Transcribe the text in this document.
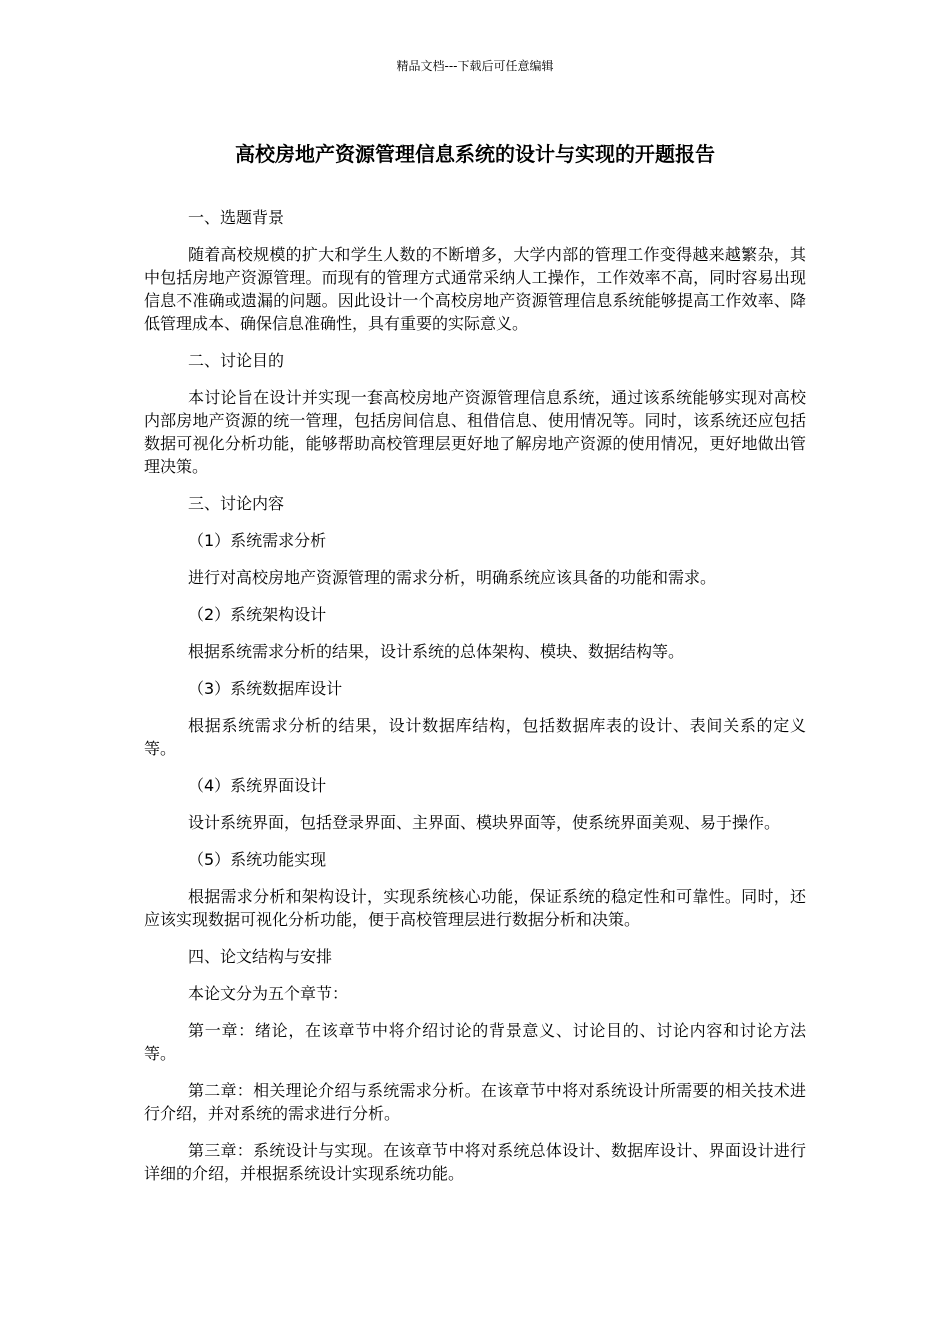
精品文档---下载后可任意编辑
高校房地产资源管理信息系统的设计与实现的开题报告
一、选题背景
随着高校规模的扩大和学生人数的不断增多，大学内部的管理工作变得越来越繁杂，其中包括房地产资源管理。而现有的管理方式通常采纳人工操作，工作效率不高，同时容易出现信息不准确或遗漏的问题。因此设计一个高校房地产资源管理信息系统能够提高工作效率、降低管理成本、确保信息准确性，具有重要的实际意义。
二、讨论目的
本讨论旨在设计并实现一套高校房地产资源管理信息系统，通过该系统能够实现对高校内部房地产资源的统一管理，包括房间信息、租借信息、使用情况等。同时，该系统还应包括数据可视化分析功能，能够帮助高校管理层更好地了解房地产资源的使用情况，更好地做出管理决策。
三、讨论内容
（1）系统需求分析
进行对高校房地产资源管理的需求分析，明确系统应该具备的功能和需求。
（2）系统架构设计
根据系统需求分析的结果，设计系统的总体架构、模块、数据结构等。
（3）系统数据库设计
根据系统需求分析的结果，设计数据库结构，包括数据库表的设计、表间关系的定义等。
（4）系统界面设计
设计系统界面，包括登录界面、主界面、模块界面等，使系统界面美观、易于操作。
（5）系统功能实现
根据需求分析和架构设计，实现系统核心功能，保证系统的稳定性和可靠性。同时，还应该实现数据可视化分析功能，便于高校管理层进行数据分析和决策。
四、论文结构与安排
本论文分为五个章节：
第一章：绪论，在该章节中将介绍讨论的背景意义、讨论目的、讨论内容和讨论方法等。
第二章：相关理论介绍与系统需求分析。在该章节中将对系统设计所需要的相关技术进行介绍，并对系统的需求进行分析。
第三章：系统设计与实现。在该章节中将对系统总体设计、数据库设计、界面设计进行详细的介绍，并根据系统设计实现系统功能。
